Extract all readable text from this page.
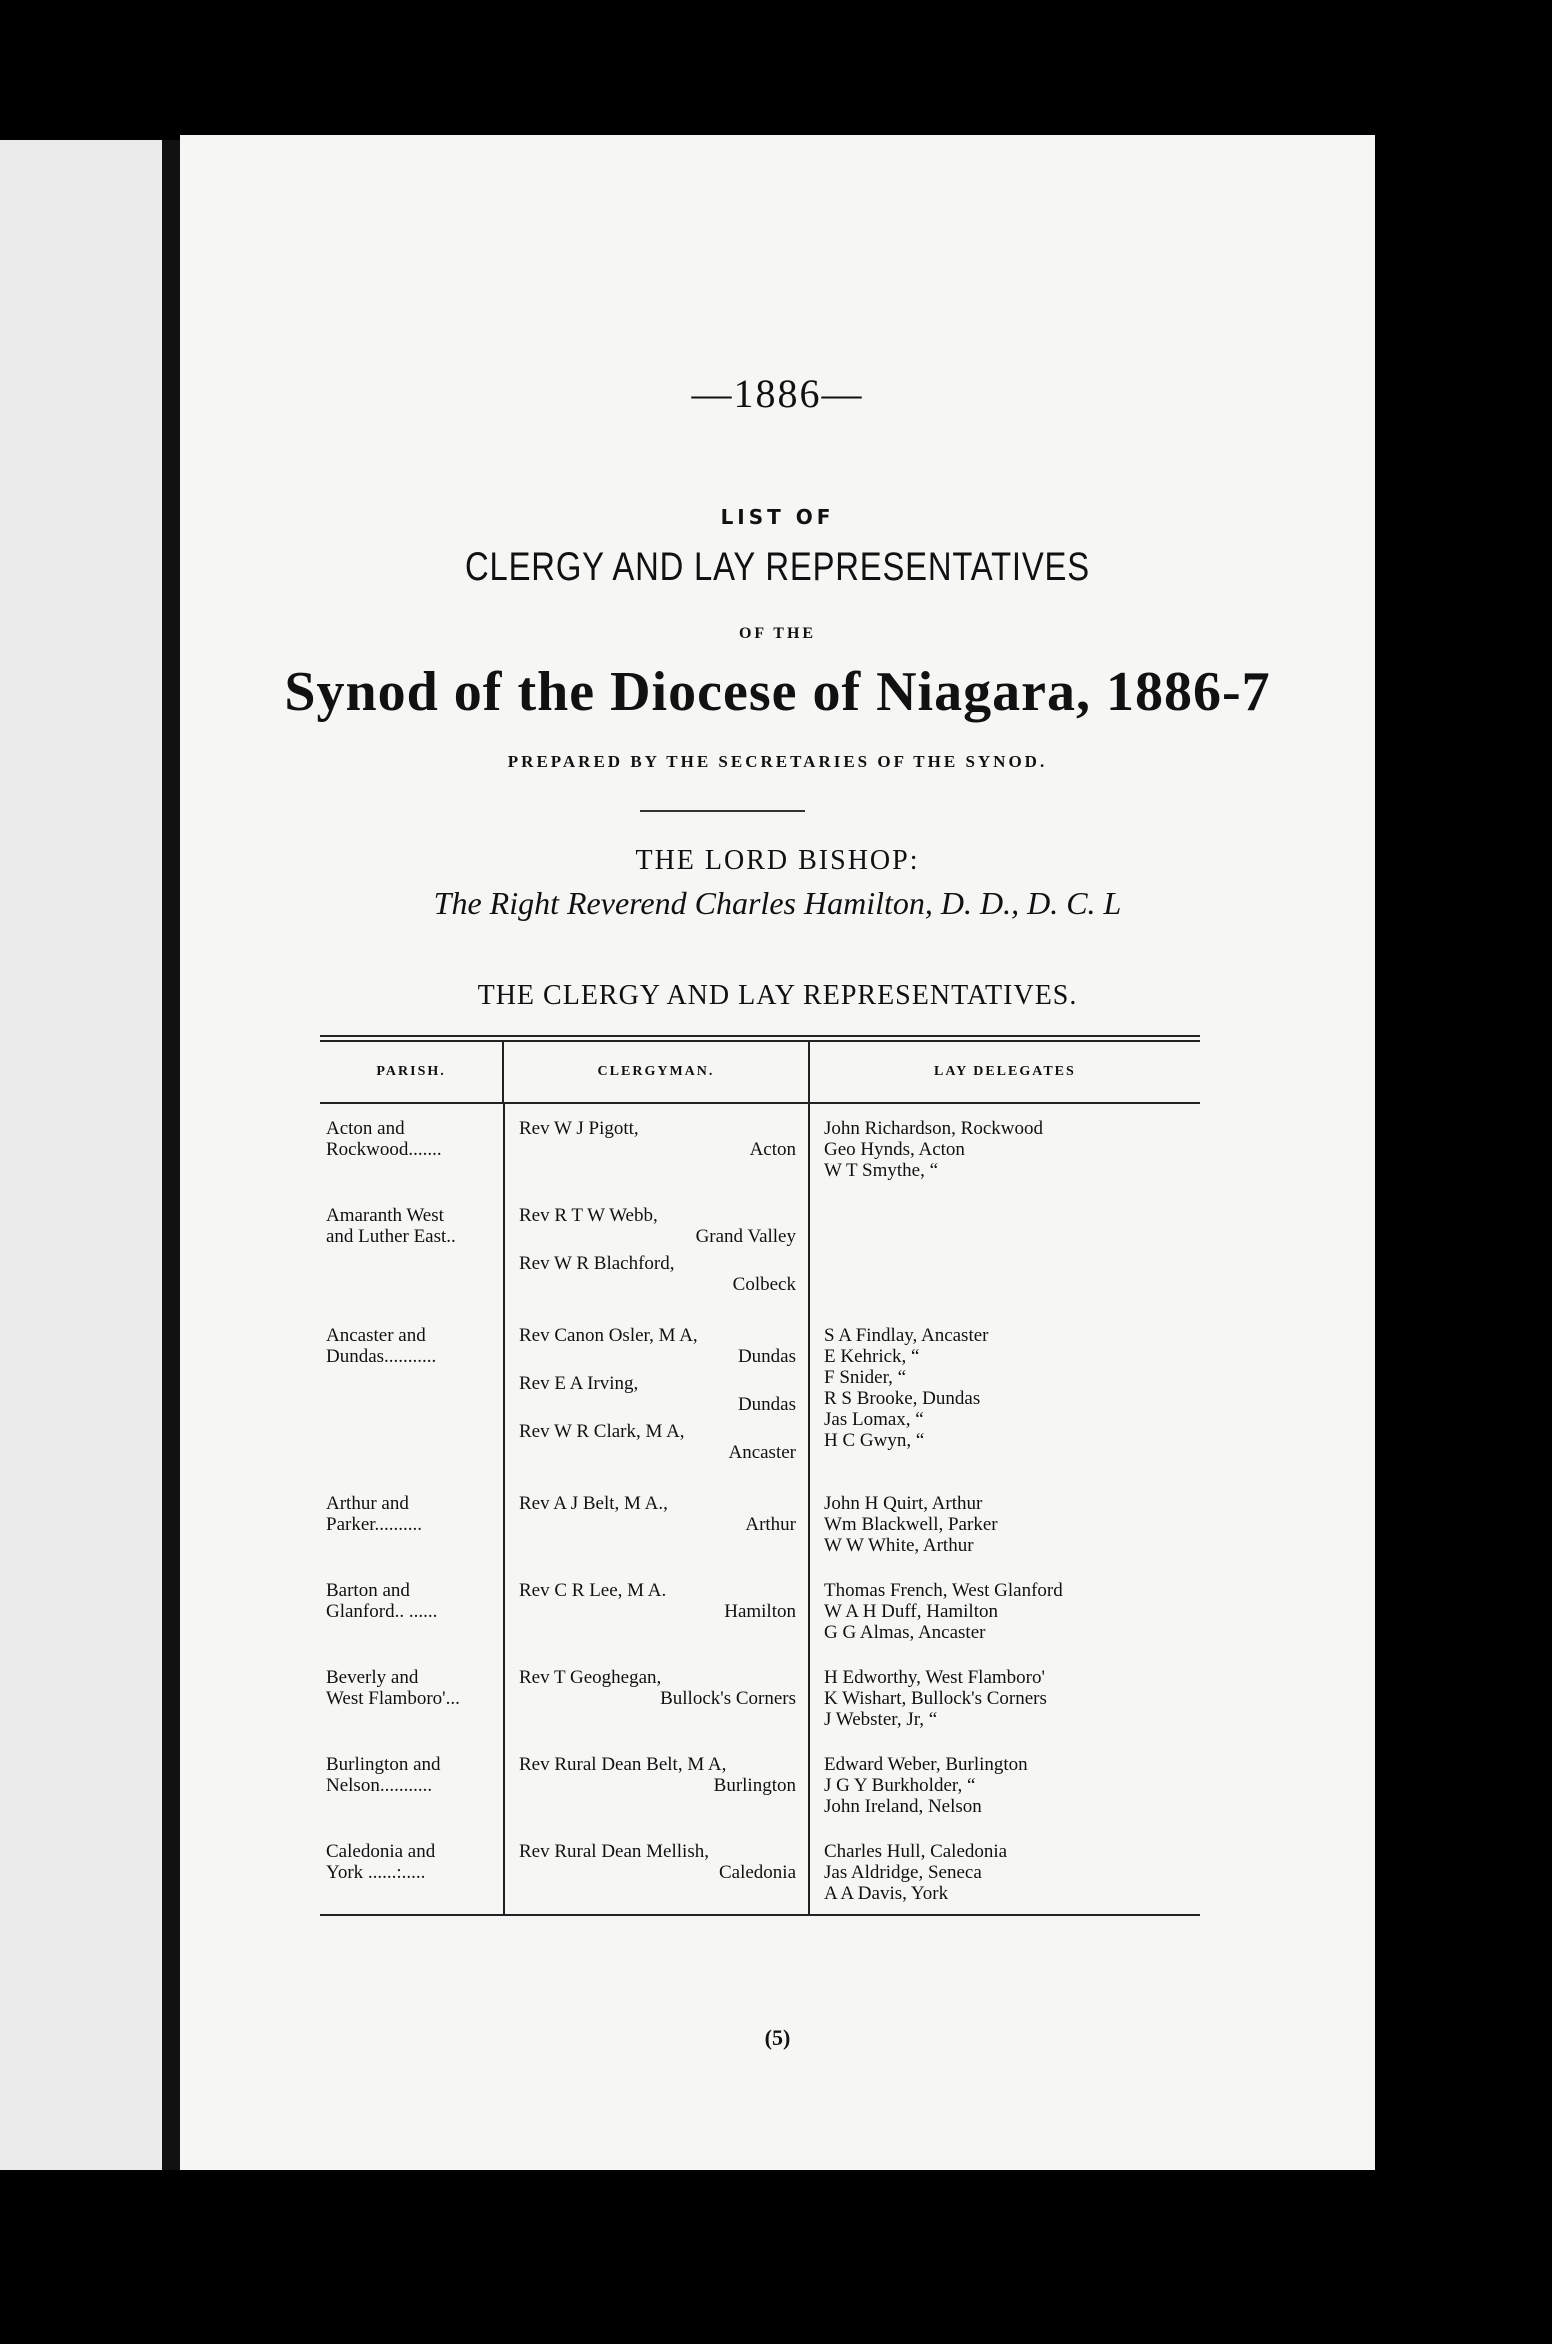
—1886—
LIST OF
CLERGY AND LAY REPRESENTATIVES
OF THE
Synod of the Diocese of Niagara, 1886-7
PREPARED BY THE SECRETARIES OF THE SYNOD.
THE LORD BISHOP:
The Right Reverend Charles Hamilton, D. D., D. C. L
THE CLERGY AND LAY REPRESENTATIVES.
PARISH.	CLERGYMAN.	LAY DELEGATES
Acton and
Rockwood.......
Rev W J Pigott,
Acton
John Richardson, Rockwood
Geo Hynds, Acton
W T Smythe, “
Amaranth West
and Luther East..
Rev R T W Webb,
Grand Valley
Rev W R Blachford,
Colbeck
Ancaster and
Dundas...........
Rev Canon Osler, M A,
Dundas
Rev E A Irving,
Dundas
Rev W R Clark, M A,
Ancaster
S A Findlay, Ancaster
E Kehrick, “
F Snider, “
R S Brooke, Dundas
Jas Lomax, “
H C Gwyn, “
Arthur and
Parker..........
Rev A J Belt, M A.,
Arthur
John H Quirt, Arthur
Wm Blackwell, Parker
W W White, Arthur
Barton and
Glanford.. ......
Rev C R Lee, M A.
Hamilton
Thomas French, West Glanford
W A H Duff, Hamilton
G G Almas, Ancaster
Beverly and
West Flamboro'...
Rev T Geoghegan,
Bullock's Corners
H Edworthy, West Flamboro'
K Wishart, Bullock's Corners
J Webster, Jr, “
Burlington and
Nelson...........
Rev Rural Dean Belt, M A,
Burlington
Edward Weber, Burlington
J G Y Burkholder, “
John Ireland, Nelson
Caledonia and
York ......:.....
Rev Rural Dean Mellish,
Caledonia
Charles Hull, Caledonia
Jas Aldridge, Seneca
A A Davis, York
(5)
